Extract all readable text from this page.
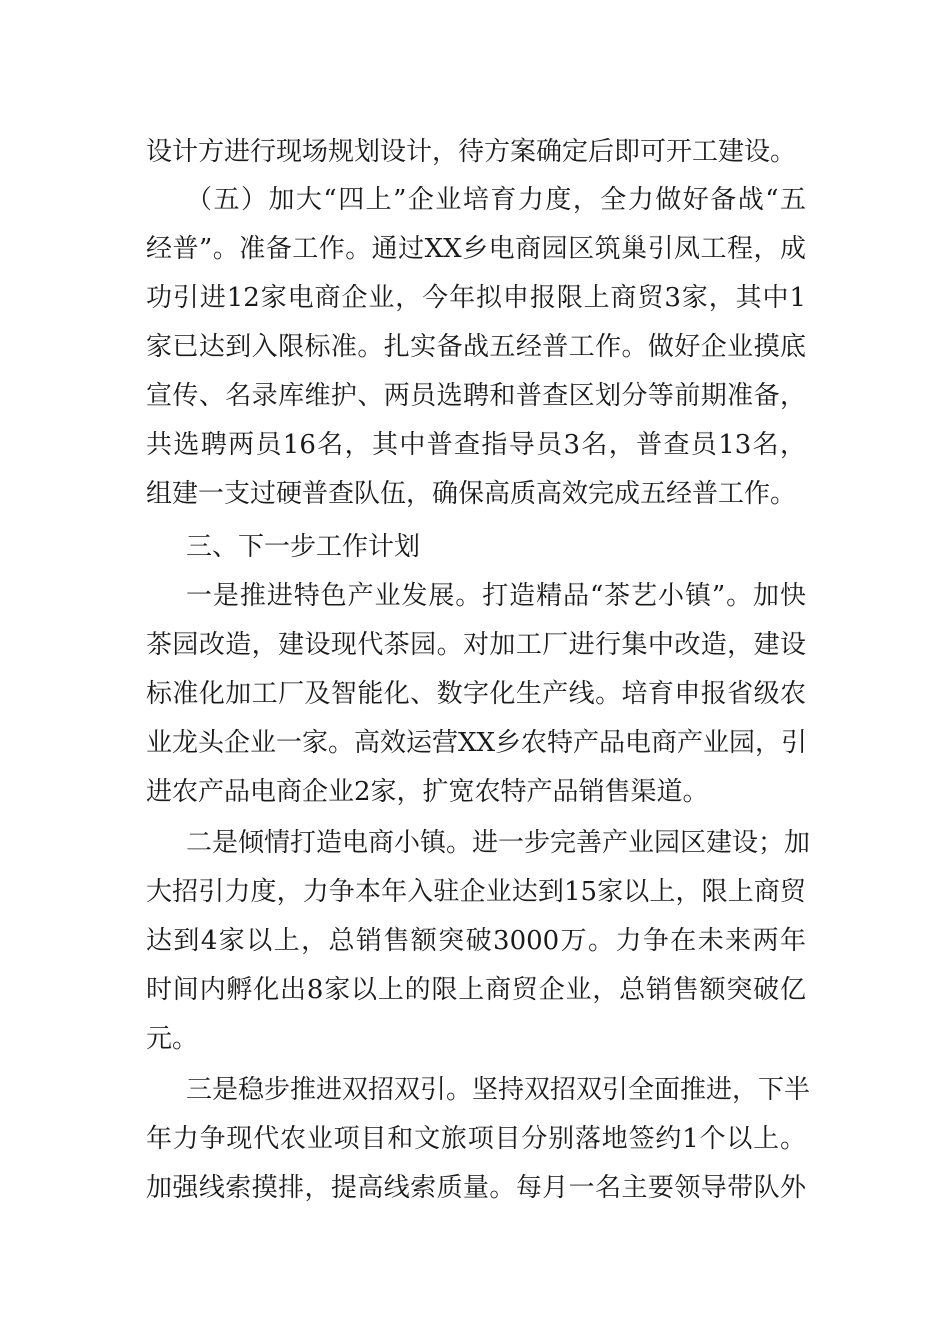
设计方进行现场规划设计，待方案确定后即可开工建设。

（五）加大“四上”企业培育力度，全力做好备战“五

经普”。准备工作。通过XX乡电商园区筑巢引凤工程，成

功引进12家电商企业，今年拟申报限上商贸3家，其中1

家已达到入限标准。扎实备战五经普工作。做好企业摸底

宣传、名录库维护、两员选聘和普查区划分等前期准备，

共选聘两员16名，其中普查指导员3名，普查员13名，

组建一支过硬普查队伍，确保高质高效完成五经普工作。

三、下一步工作计划

一是推进特色产业发展。打造精品“茶艺小镇”。加快

茶园改造，建设现代茶园。对加工厂进行集中改造，建设

标准化加工厂及智能化、数字化生产线。培育申报省级农

业龙头企业一家。高效运营XX乡农特产品电商产业园，引

进农产品电商企业2家，扩宽农特产品销售渠道。

二是倾情打造电商小镇。进一步完善产业园区建设；加

大招引力度，力争本年入驻企业达到15家以上，限上商贸

达到4家以上，总销售额突破3000万。力争在未来两年

时间内孵化出8家以上的限上商贸企业，总销售额突破亿

元。

三是稳步推进双招双引。坚持双招双引全面推进，下半

年力争现代农业项目和文旅项目分别落地签约1个以上。

加强线索摸排，提高线索质量。每月一名主要领导带队外
